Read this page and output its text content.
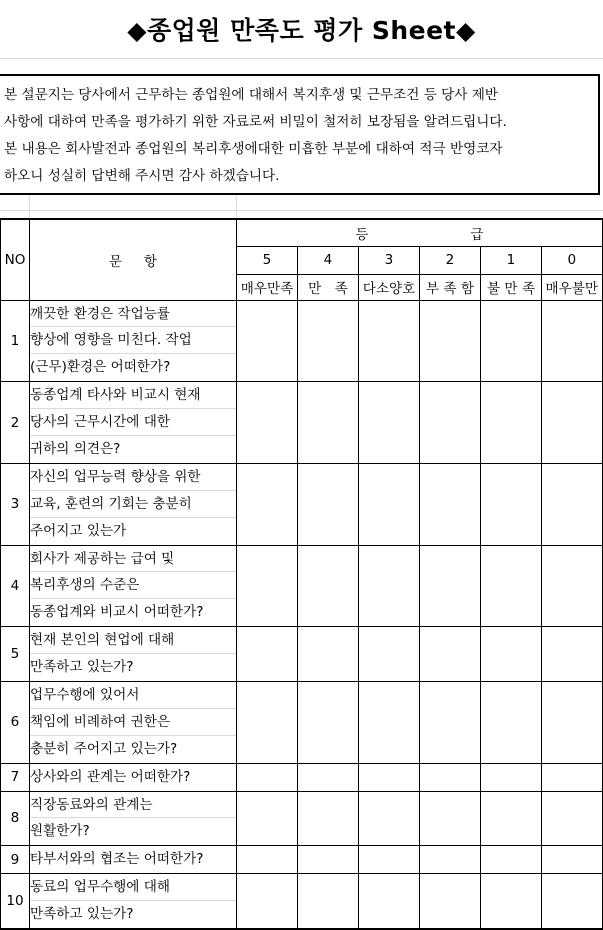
◆종업원 만족도 평가 Sheet◆
본 설문지는 당사에서 근무하는 종업원에 대해서 복지후생 및 근무조건 등 당사 제반
사항에 대하여 만족을 평가하기 위한 자료로써 비밀이 철저히 보장됨을 알려드립니다.
본 내용은 회사발전과 종업원의 복리후생에대한 미흡한 부분에 대하여 적극 반영코자
하오니 성실히 답변해 주시면 감사 하겠습니다.
NO	문 항	등 급					

		5	4	3	2	1	0
		매우만족	만　족	다소양호	부 족 함	불 만 족	매우불만
1	깨끗한 환경은 작업능률
향상에 영향을 미친다. 작업
(근무)환경은 어떠한가?						

2	동종업계 타사와 비교시 현재
당사의 근무시간에 대한
귀하의 의견은?						

3	자신의 업무능력 향상을 위한
교육, 훈련의 기회는 충분히
주어지고 있는가						

4	회사가 제공하는 급여 및
복리후생의 수준은
동종업계와 비교시 어떠한가?						

5	현재 본인의 현업에 대해
만족하고 있는가?						

6	업무수행에 있어서
책임에 비례하여 권한은
충분히 주어지고 있는가?						

7	상사와의 관계는 어떠한가?						

8	직장동료와의 관계는
원활한가?						

9	타부서와의 협조는 어떠한가?						

10	동료의 업무수행에 대해
만족하고 있는가?						
